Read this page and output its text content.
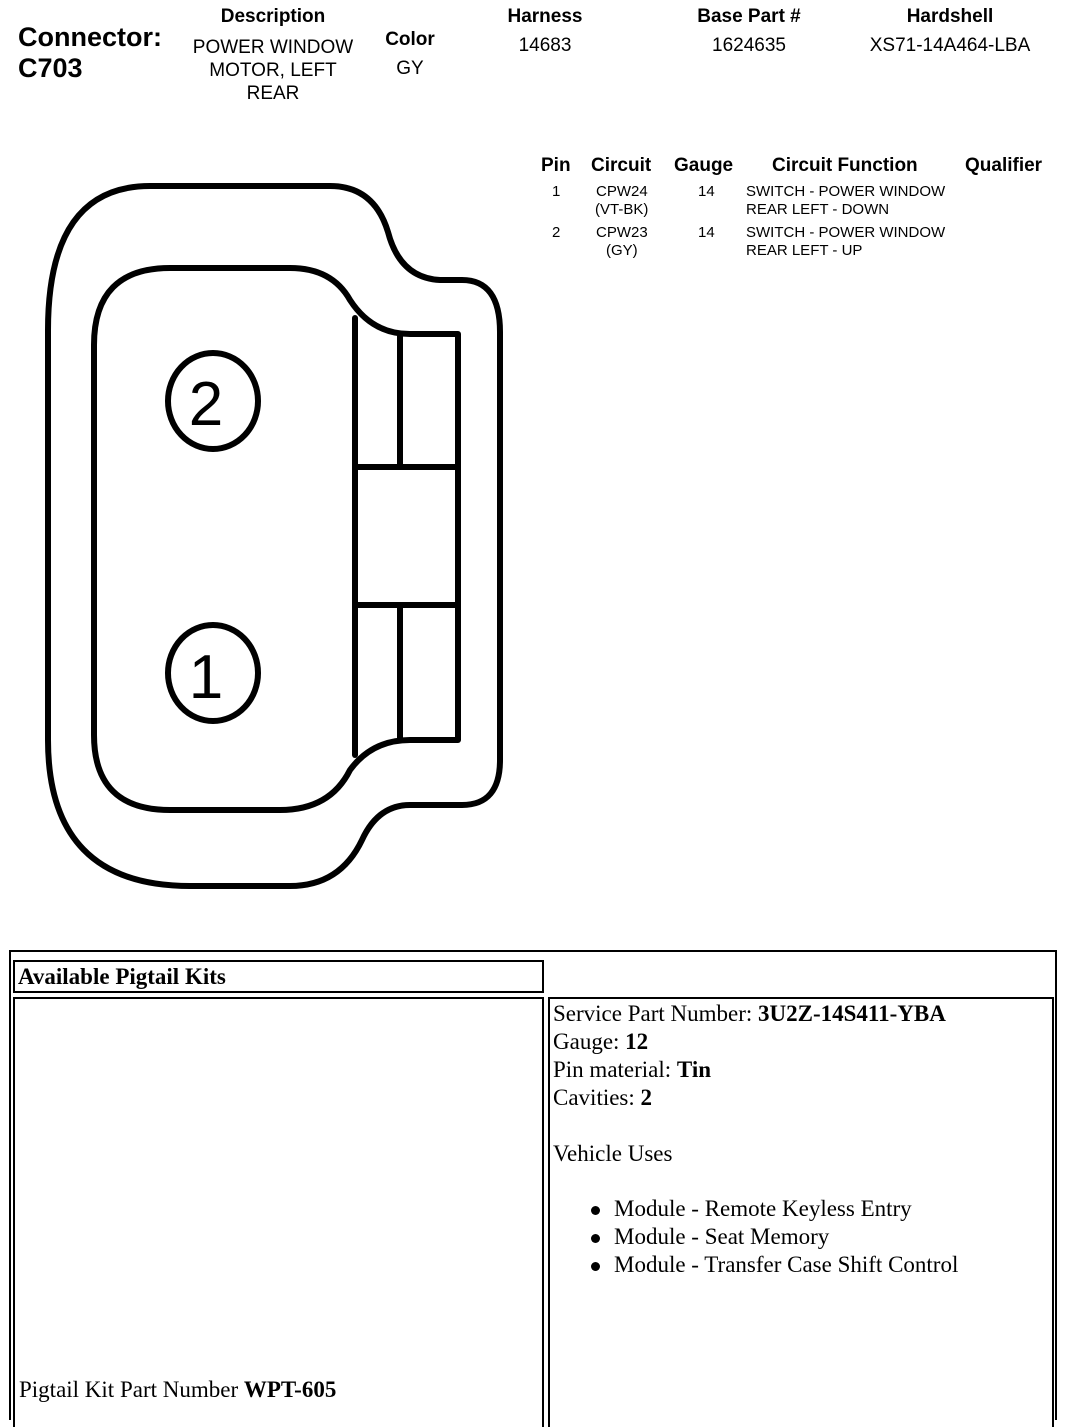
Connector:
C703
Description
POWER WINDOW
MOTOR, LEFT
REAR
Color
GY
Harness
14683
Base Part #
1624635
Hardshell
XS71-14A464-LBA
Pin Circuit Gauge Circuit Function Qualifier
1 CPW24
(VT-BK)
14 SWITCH - POWER WINDOW
REAR LEFT - DOWN
2 CPW23
(GY)
14 SWITCH - POWER WINDOW
REAR LEFT - UP
2
1
Available Pigtail Kits
Pigtail Kit Part Number WPT-605
Service Part Number: 3U2Z-14S411-YBA
Gauge: 12
Pin material: Tin
Cavities: 2
Vehicle Uses
Module - Remote Keyless Entry
Module - Seat Memory
Module - Transfer Case Shift Control
